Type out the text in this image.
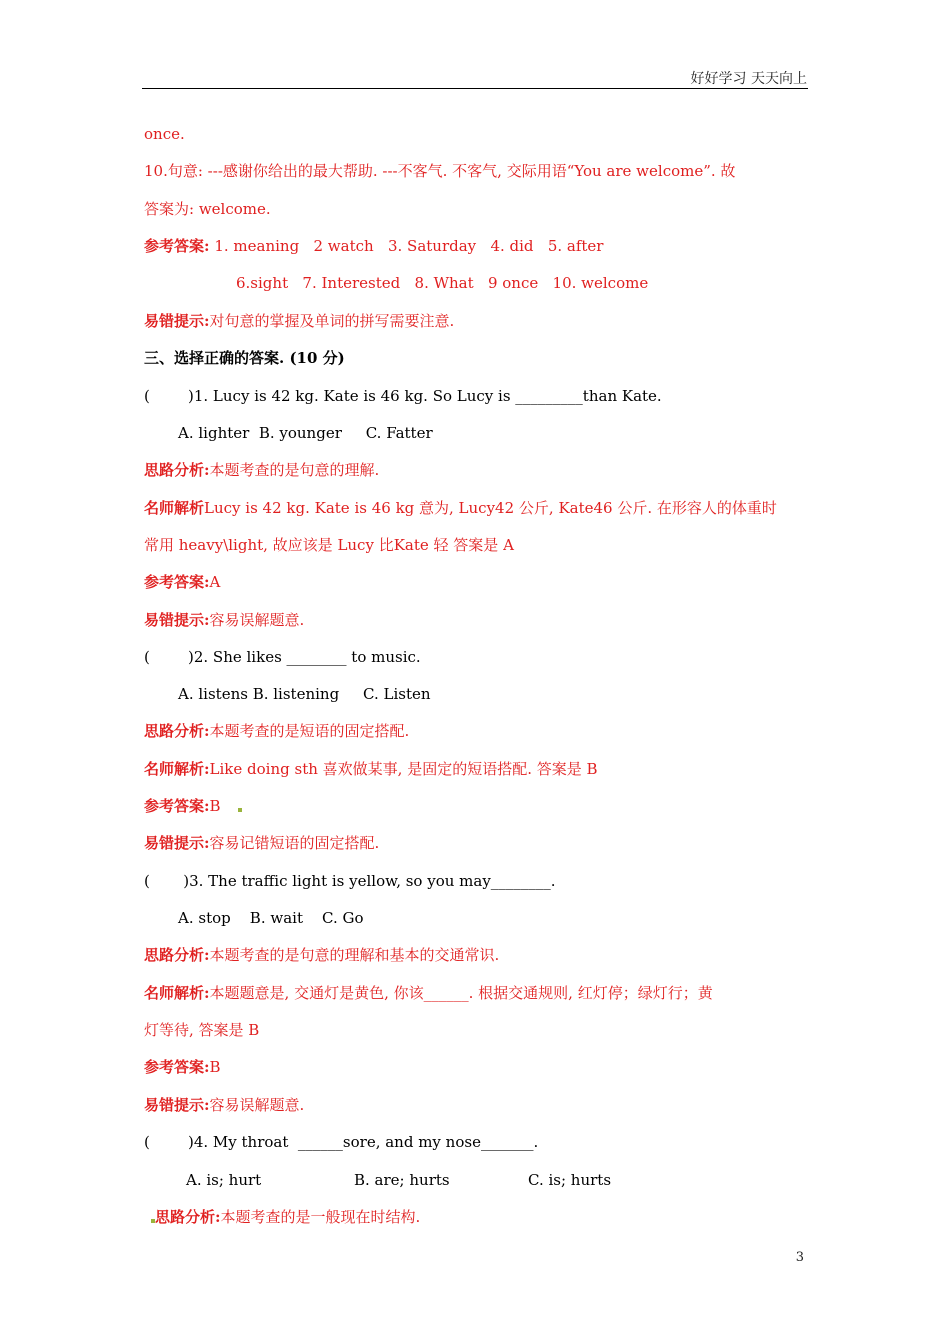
好好学习 天天向上
once.
10.句意: ---感谢你给出的最大帮助. ---不客气. 不客气, 交际用语“You are welcome”. 故
答案为: welcome.
参考答案: 1. meaning   2 watch   3. Saturday   4. did   5. after
6.sight   7. Interested   8. What   9 once   10. welcome
易错提示:对句意的掌握及单词的拼写需要注意.
三、选择正确的答案. (10 分)
(        )1. Lucy is 42 kg. Kate is 46 kg. So Lucy is _________than Kate.
A. lighter  B. younger     C. Fatter
思路分析:本题考查的是句意的理解.
名师解析Lucy is 42 kg. Kate is 46 kg 意为, Lucy42 公斤, Kate46 公斤. 在形容人的体重时
常用 heavy\light, 故应该是 Lucy 比Kate 轻 答案是 A
参考答案:A
易错提示:容易误解题意.
(        )2. She likes ________ to music.
A. listens B. listening     C. Listen
思路分析:本题考查的是短语的固定搭配.
名师解析:Like doing sth 喜欢做某事, 是固定的短语搭配. 答案是 B
参考答案:B
易错提示:容易记错短语的固定搭配.
(       )3. The traffic light is yellow, so you may________.
A. stop    B. wait    C. Go
思路分析:本题考查的是句意的理解和基本的交通常识.
名师解析:本题题意是, 交通灯是黄色, 你该______. 根据交通规则, 红灯停；绿灯行；黄
灯等待, 答案是 B
参考答案:B
易错提示:容易误解题意.
(        )4. My throat  ______sore, and my nose_______.
A. is; hurt	B. are; hurts	C. is; hurts
思路分析:本题考查的是一般现在时结构.
3
